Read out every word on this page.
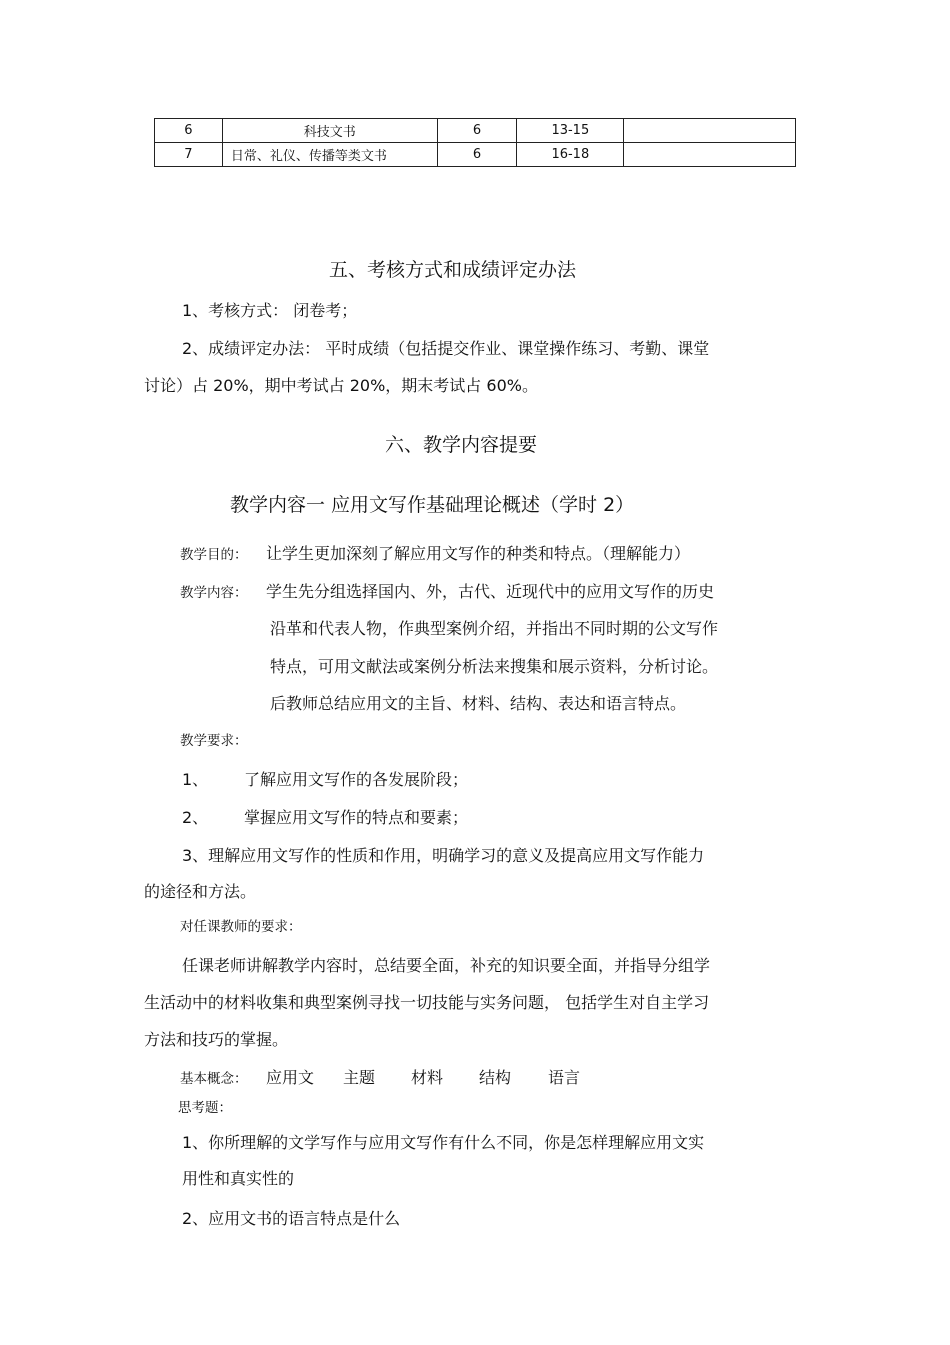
6	科技文书	6	13-15	
7	日常、礼仪、传播等类文书	6	16-18	
五、考核方式和成绩评定办法
1、考核方式： 闭卷考；
2、成绩评定办法： 平时成绩（包括提交作业、课堂操作练习、考勤、课堂
讨论）占 20%，期中考试占 20%，期末考试占 60%。
六、教学内容提要
教学内容一 应用文写作基础理论概述（学时 2）
教学目的： 让学生更加深刻了解应用文写作的种类和特点。（理解能力）
教学内容： 学生先分组选择国内、外，古代、近现代中的应用文写作的历史
沿革和代表人物，作典型案例介绍，并指出不同时期的公文写作
特点，可用文献法或案例分析法来搜集和展示资料，分析讨论。
后教师总结应用文的主旨、材料、结构、表达和语言特点。
教学要求：
1、 了解应用文写作的各发展阶段；
2、 掌握应用文写作的特点和要素；
3、理解应用文写作的性质和作用，明确学习的意义及提高应用文写作能力
的途径和方法。
对任课教师的要求：
任课老师讲解教学内容时，总结要全面，补充的知识要全面，并指导分组学
生活动中的材料收集和典型案例寻找一切技能与实务问题， 包括学生对自主学习
方法和技巧的掌握。
基本概念： 应用文 主题 材料 结构 语言
思考题：
1、你所理解的文学写作与应用文写作有什么不同，你是怎样理解应用文实
用性和真实性的
2、应用文书的语言特点是什么
